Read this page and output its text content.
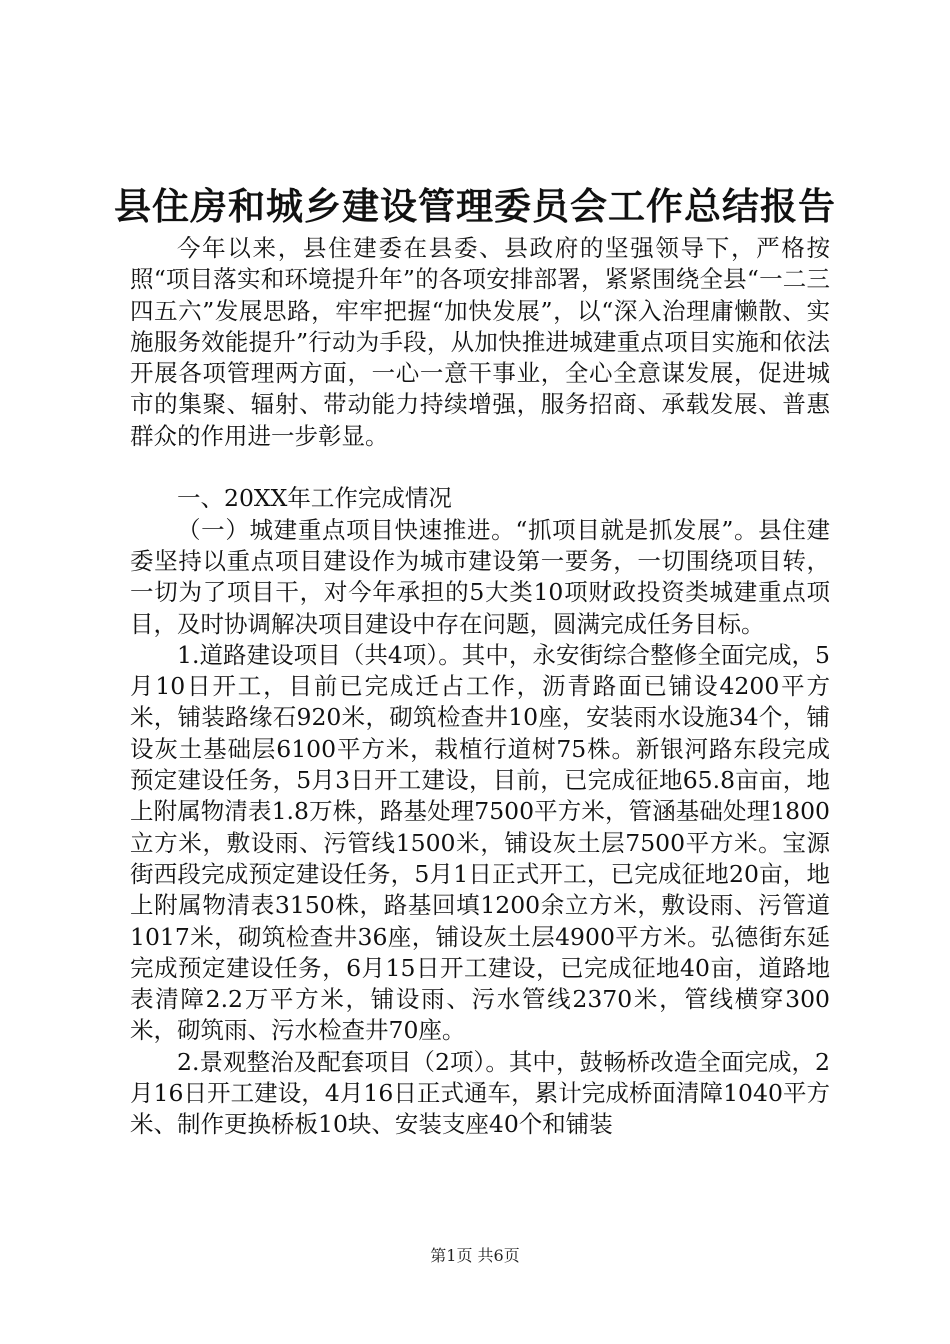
县住房和城乡建设管理委员会工作总结报告

今年以来，县住建委在县委、县政府的坚强领导下，严格按照“项目落实和环境提升年”的各项安排部署，紧紧围绕全县“一二三四五六”发展思路，牢牢把握“加快发展”，以“深入治理庸懒散、实施服务效能提升”行动为手段，从加快推进城建重点项目实施和依法开展各项管理两方面，一心一意干事业，全心全意谋发展，促进城市的集聚、辐射、带动能力持续增强，服务招商、承载发展、普惠群众的作用进一步彰显。

一、20XX年工作完成情况

（一）城建重点项目快速推进。“抓项目就是抓发展”。县住建委坚持以重点项目建设作为城市建设第一要务，一切围绕项目转，一切为了项目干，对今年承担的5大类10项财政投资类城建重点项目，及时协调解决项目建设中存在问题，圆满完成任务目标。

1.道路建设项目（共4项）。其中，永安街综合整修全面完成，5月10日开工，目前已完成迁占工作，沥青路面已铺设4200平方米，铺装路缘石920米，砌筑检查井10座，安装雨水设施34个，铺设灰土基础层6100平方米，栽植行道树75株。新银河路东段完成预定建设任务，5月3日开工建设，目前，已完成征地65.8亩亩，地上附属物清表1.8万株，路基处理7500平方米，管涵基础处理1800立方米，敷设雨、污管线1500米，铺设灰土层7500平方米。宝源街西段完成预定建设任务，5月1日正式开工，已完成征地20亩，地上附属物清表3150株，路基回填1200余立方米，敷设雨、污管道1017米，砌筑检查井36座，铺设灰土层4900平方米。弘德街东延完成预定建设任务，6月15日开工建设，已完成征地40亩，道路地表清障2.2万平方米，铺设雨、污水管线2370米，管线横穿300米，砌筑雨、污水检查井70座。

2.景观整治及配套项目（2项）。其中，鼓畅桥改造全面完成，2月16日开工建设，4月16日正式通车，累计完成桥面清障1040平方米、制作更换桥板10块、安装支座40个和铺装

第1页 共6页
